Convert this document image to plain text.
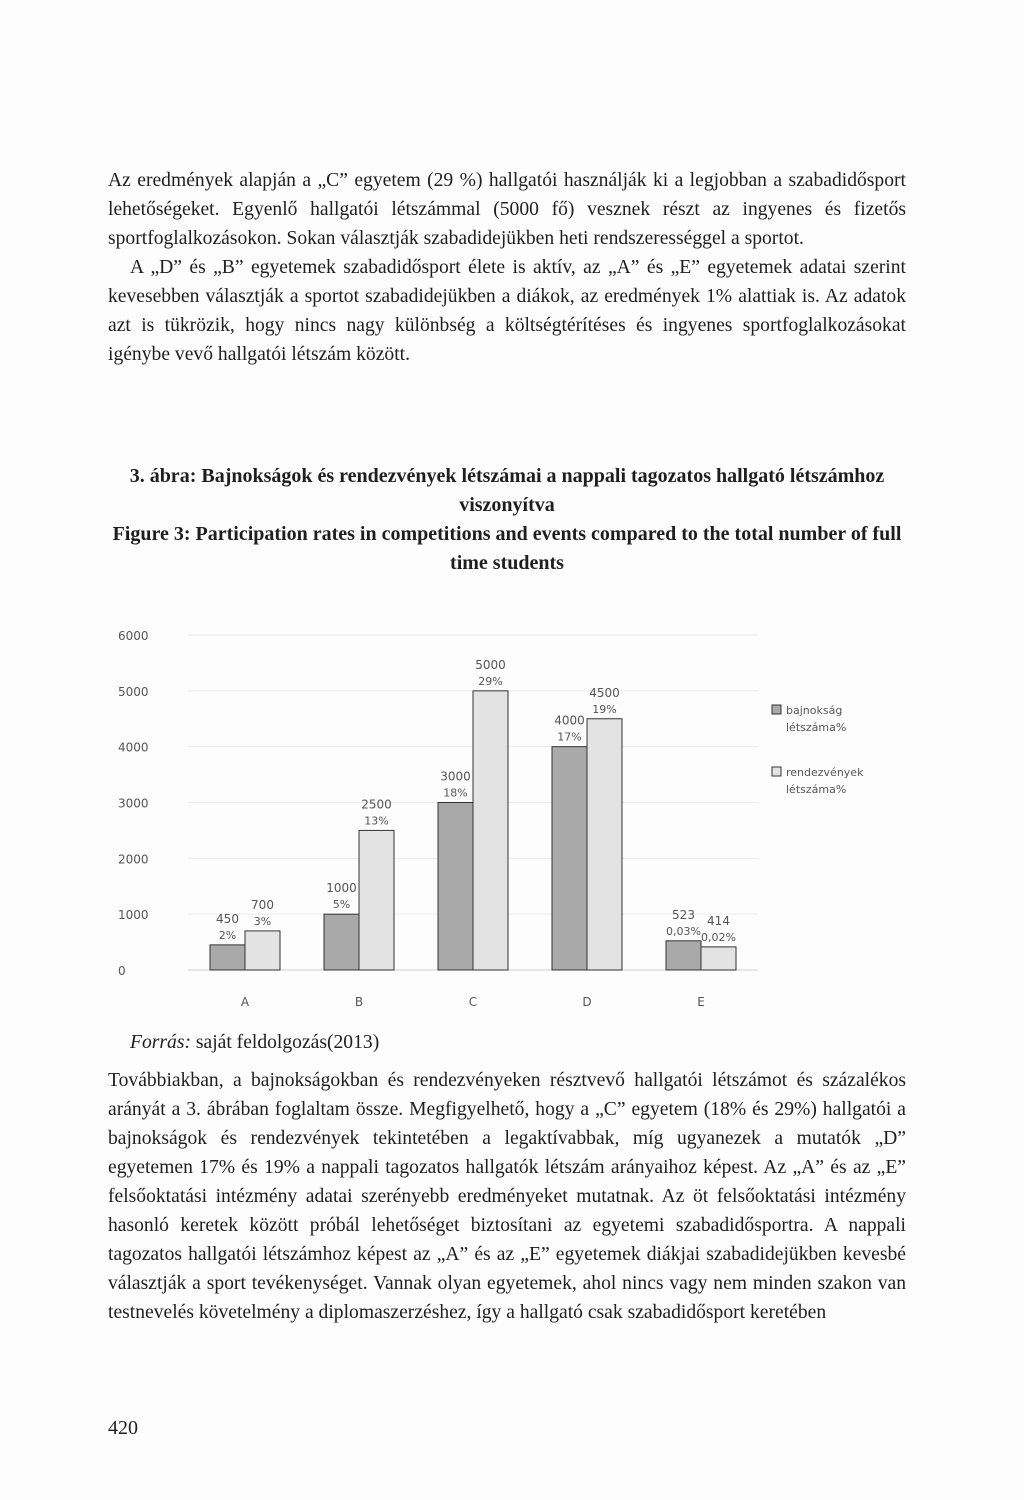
Az eredmények alapján a „C” egyetem (29 %) hallgatói használják ki a legjobban a szabadidősport lehetőségeket. Egyenlő hallgatói létszámmal (5000 fő) vesznek részt az ingyenes és fizetős sportfoglalkozásokon. Sokan választják szabadidejükben heti rendszerességgel a sportot.

A „D” és „B” egyetemek szabadidősport élete is aktív, az „A” és „E” egyetemek adatai szerint kevesebben választják a sportot szabadidejükben a diákok, az eredmények 1% alattiak is. Az adatok azt is tükrözik, hogy nincs nagy különbség a költségtérítéses és ingyenes sportfoglalkozásokat igénybe vevő hallgatói létszám között.

3. ábra: Bajnokságok és rendezvények létszámai a nappali tagozatos hallgató létszámhoz viszonyítva

Figure 3: Participation rates in competitions and events compared to the total number of full time students

0
1000
2000
3000
4000
5000
6000
450
2%
700
3%
A
1000
5%
2500
13%
B
3000
18%
5000
29%
C
4000
17%
4500
19%
D
523
0,03%
414
0,02%
E
bajnokság
létszáma%
rendezvények
létszáma%
Forrás: saját feldolgozás(2013)

Továbbiakban, a bajnokságokban és rendezvényeken résztvevő hallgatói létszámot és százalékos arányát a 3. ábrában foglaltam össze. Megfigyelhető, hogy a „C” egyetem (18% és 29%) hallgatói a bajnokságok és rendezvények tekintetében a legaktívabbak, míg ugyanezek a mutatók „D” egyetemen 17% és 19% a nappali tagozatos hallgatók létszám arányaihoz képest. Az „A” és az „E” felsőoktatási intézmény adatai szerényebb eredményeket mutatnak. Az öt felsőoktatási intézmény hasonló keretek között próbál lehetőséget biztosítani az egyetemi szabadidősportra. A nappali tagozatos hallgatói létszámhoz képest az „A” és az „E” egyetemek diákjai szabadidejükben kevesbé választják a sport tevékenységet. Vannak olyan egyetemek, ahol nincs vagy nem minden szakon van testnevelés követelmény a diplomaszerzéshez, így a hallgató csak szabadidősport keretében

420
